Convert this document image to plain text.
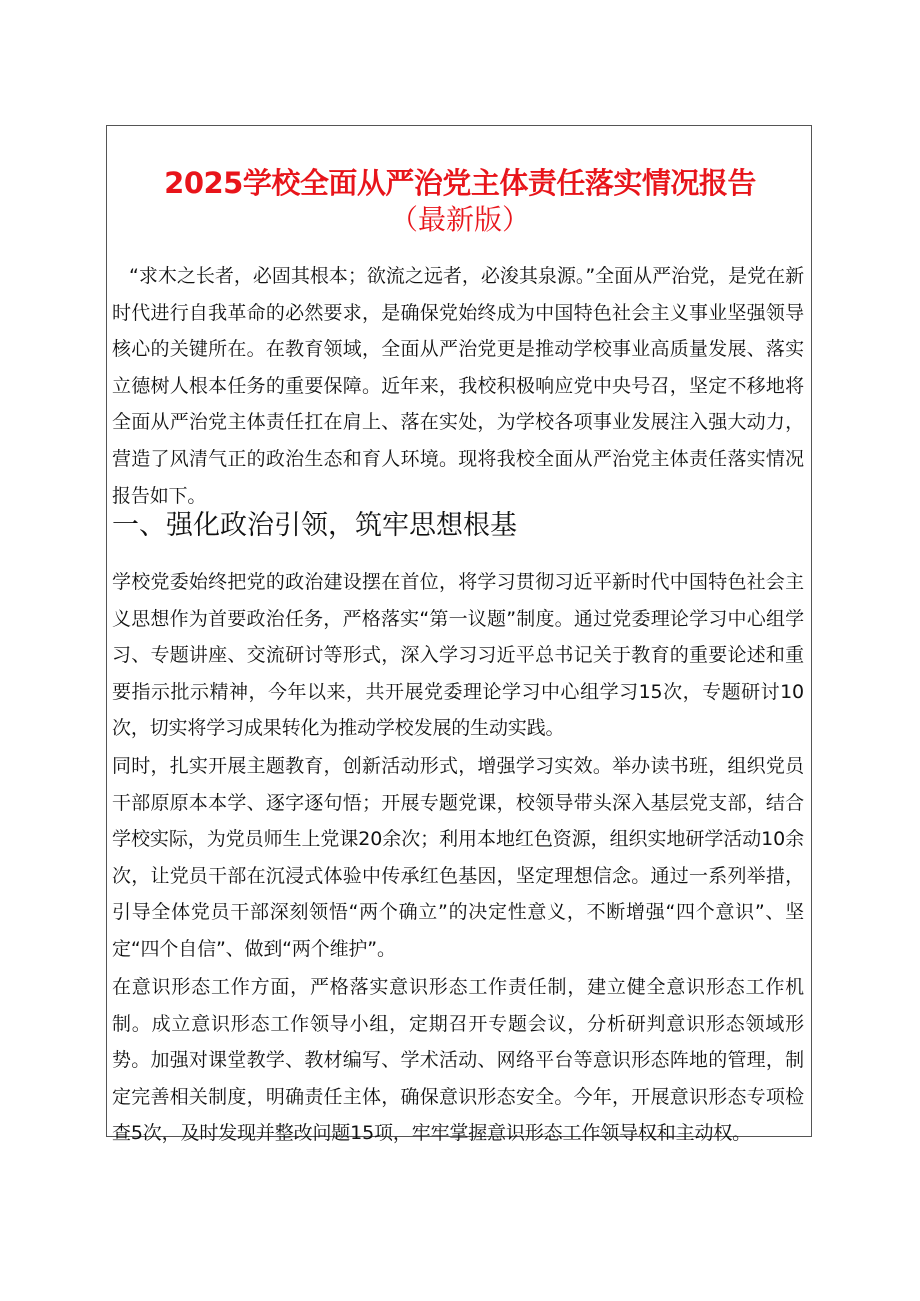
2025学校全面从严治党主体责任落实情况报告
（最新版）

“求木之长者，必固其根本；欲流之远者，必浚其泉源。”全面从严治党，是党在新时代进行自我革命的必然要求，是确保党始终成为中国特色社会主义事业坚强领导核心的关键所在。在教育领域，全面从严治党更是推动学校事业高质量发展、落实立德树人根本任务的重要保障。近年来，我校积极响应党中央号召，坚定不移地将全面从严治党主体责任扛在肩上、落在实处，为学校各项事业发展注入强大动力，营造了风清气正的政治生态和育人环境。现将我校全面从严治党主体责任落实情况报告如下。

一、强化政治引领，筑牢思想根基

学校党委始终把党的政治建设摆在首位，将学习贯彻习近平新时代中国特色社会主义思想作为首要政治任务，严格落实“第一议题”制度。通过党委理论学习中心组学习、专题讲座、交流研讨等形式，深入学习习近平总书记关于教育的重要论述和重要指示批示精神，今年以来，共开展党委理论学习中心组学习15次，专题研讨10次，切实将学习成果转化为推动学校发展的生动实践。

同时，扎实开展主题教育，创新活动形式，增强学习实效。举办读书班，组织党员干部原原本本学、逐字逐句悟；开展专题党课，校领导带头深入基层党支部，结合学校实际，为党员师生上党课20余次；利用本地红色资源，组织实地研学活动10余次，让党员干部在沉浸式体验中传承红色基因，坚定理想信念。通过一系列举措，引导全体党员干部深刻领悟“两个确立”的决定性意义，不断增强“四个意识”、坚定“四个自信”、做到“两个维护”。

在意识形态工作方面，严格落实意识形态工作责任制，建立健全意识形态工作机制。成立意识形态工作领导小组，定期召开专题会议，分析研判意识形态领域形势。加强对课堂教学、教材编写、学术活动、网络平台等意识形态阵地的管理，制定完善相关制度，明确责任主体，确保意识形态安全。今年，开展意识形态专项检查5次，及时发现并整改问题15项，牢牢掌握意识形态工作领导权和主动权。
